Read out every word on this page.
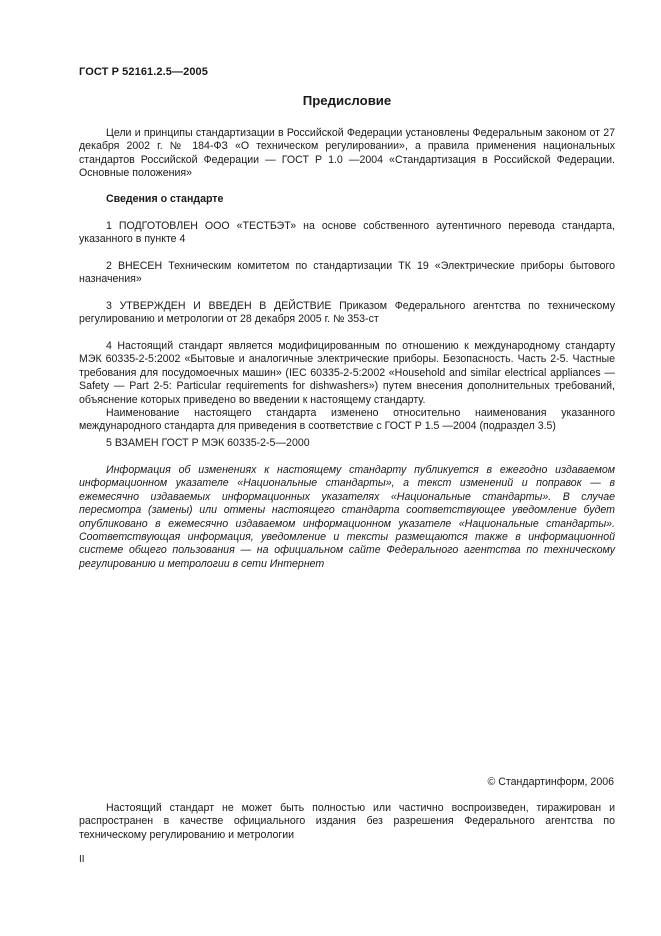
ГОСТ Р 52161.2.5—2005
Предисловие

Цели и принципы стандартизации в Российской Федерации установлены Федеральным законом от 27 декабря 2002 г. № 184-ФЗ «О техническом регулировании», а правила применения национальных стандартов Российской Федерации — ГОСТ Р 1.0 —2004 «Стандартизация в Российской Федерации. Основные положения»

Сведения о стандарте

1 ПОДГОТОВЛЕН ООО «ТЕСТБЭТ» на основе собственного аутентичного перевода стандарта, указанного в пункте 4

2 ВНЕСЕН Техническим комитетом по стандартизации ТК 19 «Электрические приборы бытового назначения»

3 УТВЕРЖДЕН И ВВЕДЕН В ДЕЙСТВИЕ Приказом Федерального агентства по техническому регулированию и метрологии от 28 декабря 2005 г. № 353-ст

4 Настоящий стандарт является модифицированным по отношению к международному стандарту МЭК 60335-2-5:2002 «Бытовые и аналогичные электрические приборы. Безопасность. Часть 2-5. Частные требования для посудомоечных машин» (IEC 60335-2-5:2002 «Household and similar electrical appliances — Safety — Part 2-5: Particular requirements for dishwashers») путем внесения дополнительных требований, объяснение которых приведено во введении к настоящему стандарту.

Наименование настоящего стандарта изменено относительно наименования указанного международного стандарта для приведения в соответствие с ГОСТ Р 1.5 —2004 (подраздел 3.5)

5 ВЗАМЕН ГОСТ Р МЭК 60335-2-5—2000

Информация об изменениях к настоящему стандарту публикуется в ежегодно издаваемом информационном указателе «Национальные стандарты», а текст изменений и поправок — в ежемесячно издаваемых информационных указателях «Национальные стандарты». В случае пересмотра (замены) или отмены настоящего стандарта соответствующее уведомление будет опубликовано в ежемесячно издаваемом информационном указателе «Национальные стандарты». Соответствующая информация, уведомление и тексты размещаются также в информационной системе общего пользования — на официальном сайте Федерального агентства по техническому регулированию и метрологии в сети Интернет

© Стандартинформ, 2006

Настоящий стандарт не может быть полностью или частично воспроизведен, тиражирован и распространен в качестве официального издания без разрешения Федерального агентства по техническому регулированию и метрологии

II
